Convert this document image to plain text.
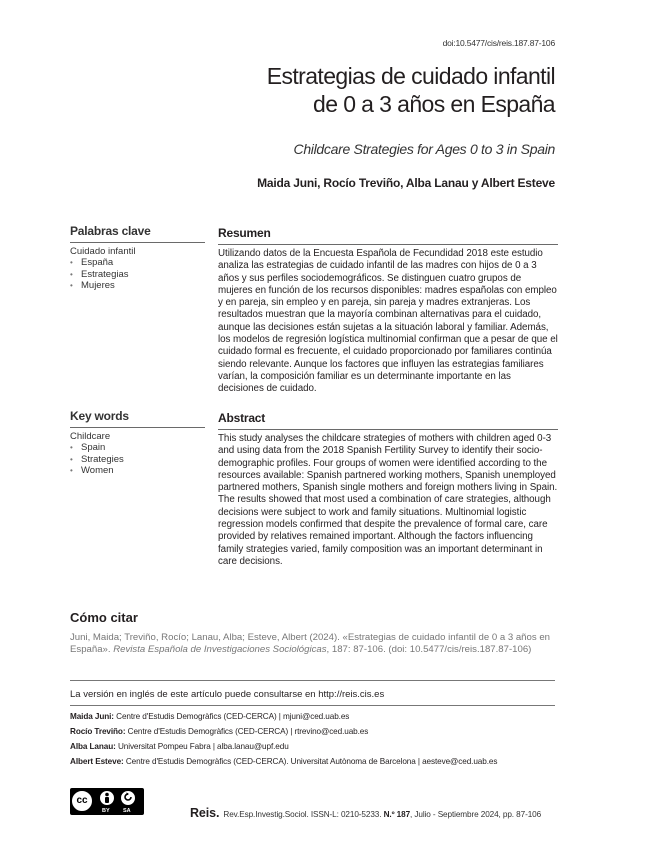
doi:10.5477/cis/reis.187.87-106
Estrategias de cuidado infantil
de 0 a 3 años en España
Childcare Strategies for Ages 0 to 3 in Spain
Maida Juni, Rocío Treviño, Alba Lanau y Albert Esteve
Palabras clave
Cuidado infantil
• España
• Estrategias
• Mujeres
Resumen

Utilizando datos de la Encuesta Española de Fecundidad 2018 este estudio analiza las estrategias de cuidado infantil de las madres con hijos de 0 a 3 años y sus perfiles sociodemográficos. Se distinguen cuatro grupos de mujeres en función de los recursos disponibles: madres españolas con empleo y en pareja, sin empleo y en pareja, sin pareja y madres extranjeras. Los resultados muestran que la mayoría combinan alternativas para el cuidado, aunque las decisiones están sujetas a la situación laboral y familiar. Además, los modelos de regresión logística multinomial confirman que a pesar de que el cuidado formal es frecuente, el cuidado proporcionado por familiares continúa siendo relevante. Aunque los factores que influyen las estrategias familiares varían, la composición familiar es un determinante importante en las decisiones de cuidado.

Key words
Childcare
• Spain
• Strategies
• Women
Abstract

This study analyses the childcare strategies of mothers with children aged 0-3 and using data from the 2018 Spanish Fertility Survey to identify their socio-demographic profiles. Four groups of women were identified according to the resources available: Spanish partnered working mothers, Spanish unemployed partnered mothers, Spanish single mothers and foreign mothers living in Spain. The results showed that most used a combination of care strategies, although decisions were subject to work and family situations. Multinomial logistic regression models confirmed that despite the prevalence of formal care, care provided by relatives remained important. Although the factors influencing family strategies varied, family composition was an important determinant in care decisions.

Cómo citar
Juni, Maida; Treviño, Rocío; Lanau, Alba; Esteve, Albert (2024). «Estrategias de cuidado infantil de 0 a 3 años en España». Revista Española de Investigaciones Sociológicas, 187: 87-106. (doi: 10.5477/cis/reis.187.87-106)
La versión en inglés de este artículo puede consultarse en http://reis.cis.es
Maida Juni: Centre d'Estudis Demogràfics (CED-CERCA) | mjuni@ced.uab.es
Rocío Treviño: Centre d'Estudis Demogràfics (CED-CERCA) | rtrevino@ced.uab.es
Alba Lanau: Universitat Pompeu Fabra | alba.lanau@upf.edu
Albert Esteve: Centre d'Estudis Demogràfics (CED-CERCA). Universitat Autònoma de Barcelona | aesteve@ced.uab.es
cc
BY SA	Reis. Rev.Esp.Investig.Sociol. ISSN-L: 0210-5233. N.º 187, Julio - Septiembre 2024, pp. 87-106
